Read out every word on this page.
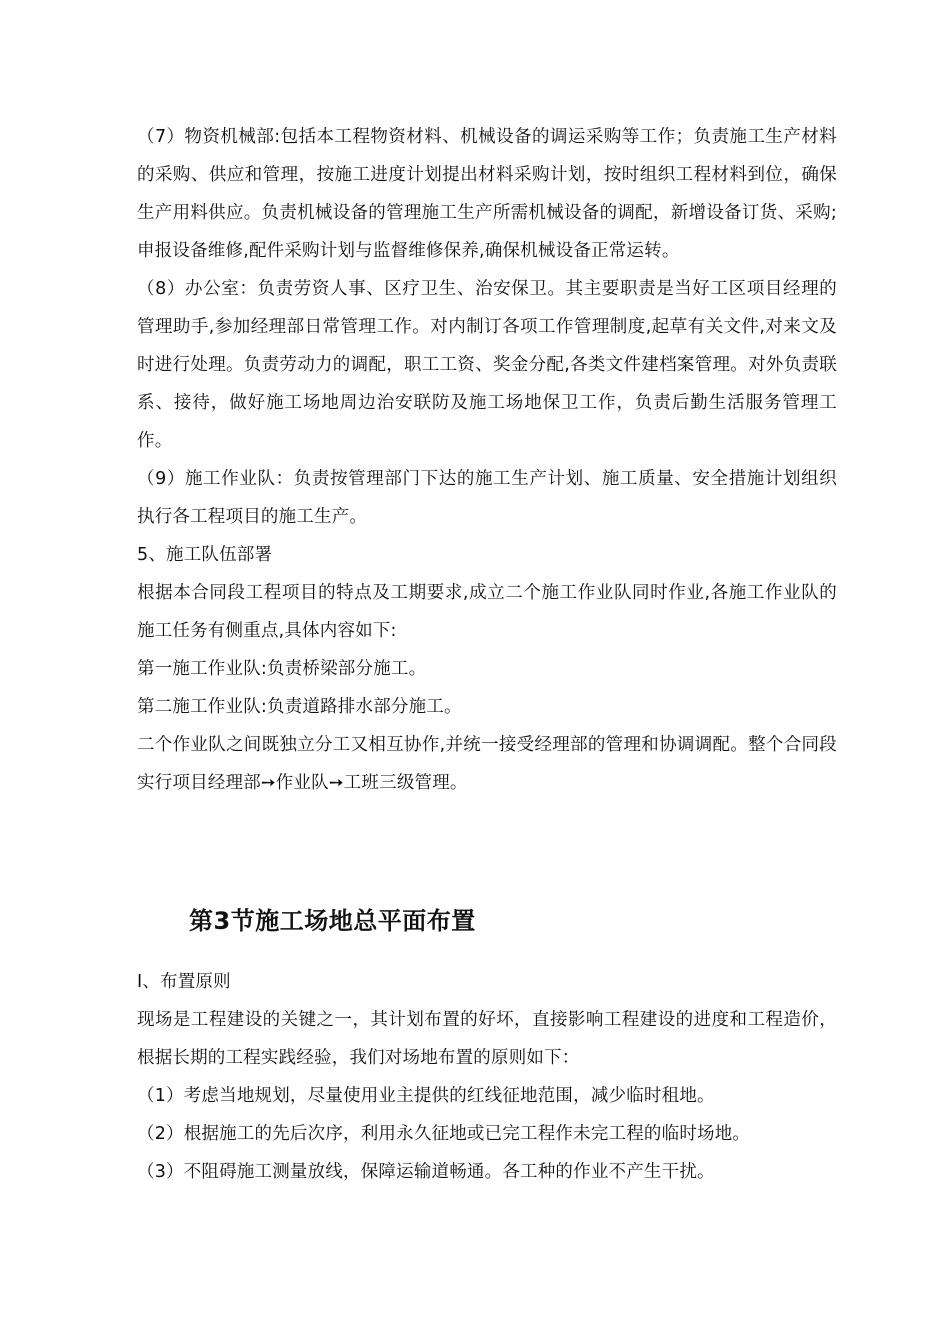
（7）物资机械部:包括本工程物资材料、机械设备的调运采购等工作；负责施工生产材料的采购、供应和管理，按施工进度计划提出材料采购计划，按时组织工程材料到位，确保生产用料供应。负责机械设备的管理施工生产所需机械设备的调配，新增设备订货、采购;申报设备维修,配件采购计划与监督维修保养,确保机械设备正常运转。

（8）办公室：负责劳资人事、区疗卫生、治安保卫。其主要职责是当好工区项目经理的管理助手,参加经理部日常管理工作。对内制订各项工作管理制度,起草有关文件,对来文及时进行处理。负责劳动力的调配，职工工资、奖金分配,各类文件建档案管理。对外负责联系、接待，做好施工场地周边治安联防及施工场地保卫工作，负责后勤生活服务管理工作。

（9）施工作业队：负责按管理部门下达的施工生产计划、施工质量、安全措施计划组织执行各工程项目的施工生产。

5、施工队伍部署

根据本合同段工程项目的特点及工期要求,成立二个施工作业队同时作业,各施工作业队的施工任务有侧重点,具体内容如下:

第一施工作业队:负责桥梁部分施工。

第二施工作业队:负责道路排水部分施工。

二个作业队之间既独立分工又相互协作,并统一接受经理部的管理和协调调配。整个合同段实行项目经理部➙作业队➙工班三级管理。

第3节施工场地总平面布置

I、布置原则

现场是工程建设的关键之一，其计划布置的好坏，直接影响工程建设的进度和工程造价，根据长期的工程实践经验，我们对场地布置的原则如下：

（1）考虑当地规划，尽量使用业主提供的红线征地范围，减少临时租地。

（2）根据施工的先后次序，利用永久征地或已完工程作未完工程的临时场地。

（3）不阻碍施工测量放线，保障运输道畅通。各工种的作业不产生干扰。
